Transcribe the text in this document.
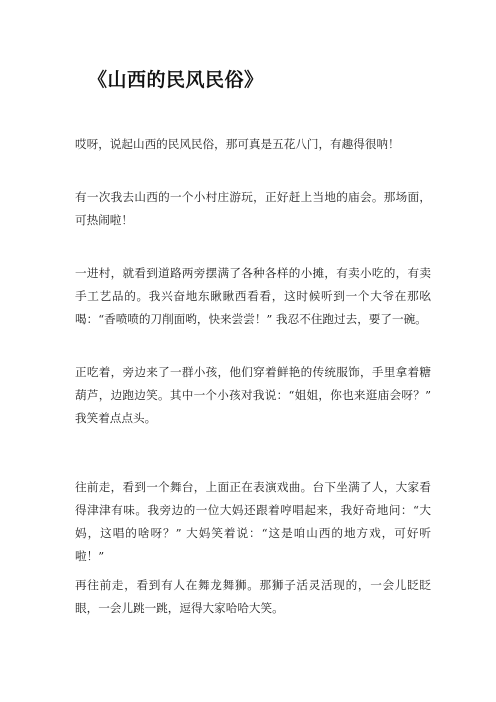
《山西的民风民俗》

哎呀，说起山西的民风民俗，那可真是五花八门，有趣得很呐！

有一次我去山西的一个小村庄游玩，正好赶上当地的庙会。那场面，可热闹啦！

一进村，就看到道路两旁摆满了各种各样的小摊，有卖小吃的，有卖手工艺品的。我兴奋地东瞅瞅西看看，这时候听到一个大爷在那吆喝：“香喷喷的刀削面哟，快来尝尝！” 我忍不住跑过去，要了一碗。

正吃着，旁边来了一群小孩，他们穿着鲜艳的传统服饰，手里拿着糖葫芦，边跑边笑。其中一个小孩对我说：“姐姐，你也来逛庙会呀？” 我笑着点点头。

往前走，看到一个舞台，上面正在表演戏曲。台下坐满了人，大家看得津津有味。我旁边的一位大妈还跟着哼唱起来，我好奇地问：“大妈，这唱的啥呀？” 大妈笑着说：“这是咱山西的地方戏，可好听啦！”

再往前走，看到有人在舞龙舞狮。那狮子活灵活现的，一会儿眨眨眼，一会儿跳一跳，逗得大家哈哈大笑。
